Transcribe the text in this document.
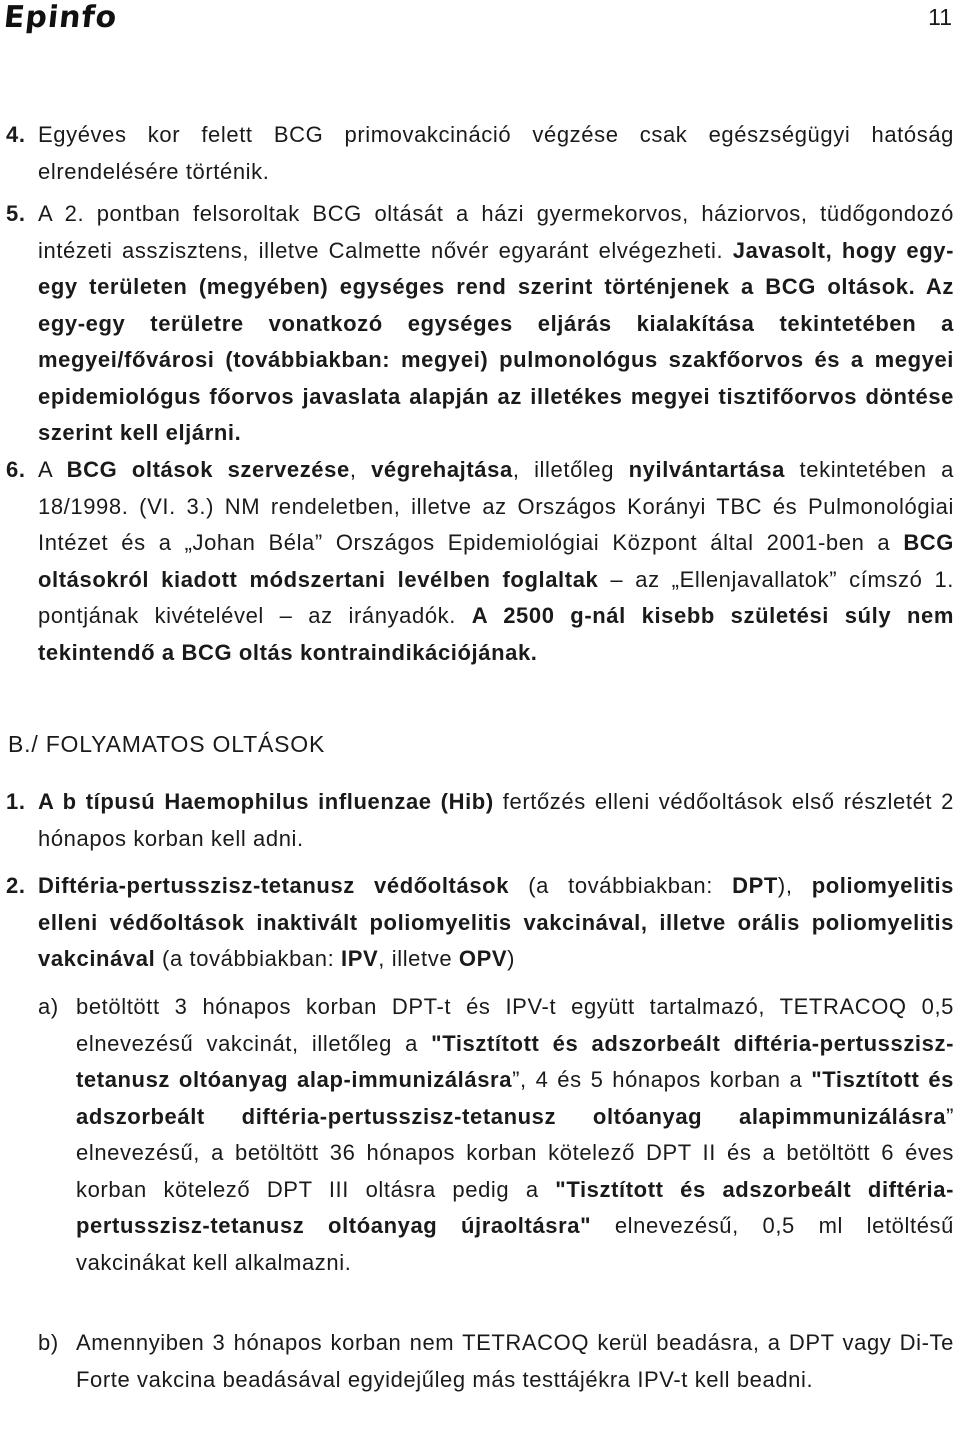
Epinfo	11
4. Egyéves kor felett BCG primovakcináció végzése csak egészségügyi hatóság elrendelésére történik.

5. A 2. pontban felsoroltak BCG oltását a házi gyermekorvos, háziorvos, tüdőgondozó intézeti asszisztens, illetve Calmette nővér egyaránt elvégezheti. Javasolt, hogy egy-egy területen (megyében) egységes rend szerint történjenek a BCG oltások. Az egy-egy területre vonatkozó egységes eljárás kialakítása tekintetében a megyei/fővárosi (továbbiakban: megyei) pulmonológus szakfőorvos és a megyei epidemiológus főorvos javaslata alapján az illetékes megyei tisztifőorvos döntése szerint kell eljárni.

6. A BCG oltások szervezése, végrehajtása, illetőleg nyilvántartása tekintetében a 18/1998. (VI. 3.) NM rendeletben, illetve az Országos Korányi TBC és Pulmonológiai Intézet és a „Johan Béla” Országos Epidemiológiai Központ által 2001-ben a BCG oltásokról kiadott módszertani levélben foglaltak – az „Ellenjavallatok” címszó 1. pontjának kivételével – az irányadók. A 2500 g-nál kisebb születési súly nem tekintendő a BCG oltás kontraindikációjának.

B./ FOLYAMATOS OLTÁSOK
1. A b típusú Haemophilus influenzae (Hib) fertőzés elleni védőoltások első részletét 2 hónapos korban kell adni.

2. Diftéria-pertusszisz-tetanusz védőoltások (a továbbiakban: DPT), poliomyelitis elleni védőoltások inaktivált poliomyelitis vakcinával, illetve orális poliomyelitis vakcinával (a továbbiakban: IPV, illetve OPV)

a) betöltött 3 hónapos korban DPT-t és IPV-t együtt tartalmazó, TETRACOQ 0,5 elnevezésű vakcinát, illetőleg a "Tisztított és adszorbeált diftéria-pertusszisz-tetanusz oltóanyag alap-immunizálásra”, 4 és 5 hónapos korban a "Tisztított és adszorbeált diftéria-pertusszisz-tetanusz oltóanyag alapimmunizálásra” elnevezésű, a betöltött 36 hónapos korban kötelező DPT II és a betöltött 6 éves korban kötelező DPT III oltásra pedig a "Tisztított és adszorbeált diftéria-pertusszisz-tetanusz oltóanyag újraoltásra" elnevezésű, 0,5 ml letöltésű vakcinákat kell alkalmazni.

b) Amennyiben 3 hónapos korban nem TETRACOQ kerül beadásra, a DPT vagy Di-Te Forte vakcina beadásával egyidejűleg más testtájékra IPV-t kell beadni.
